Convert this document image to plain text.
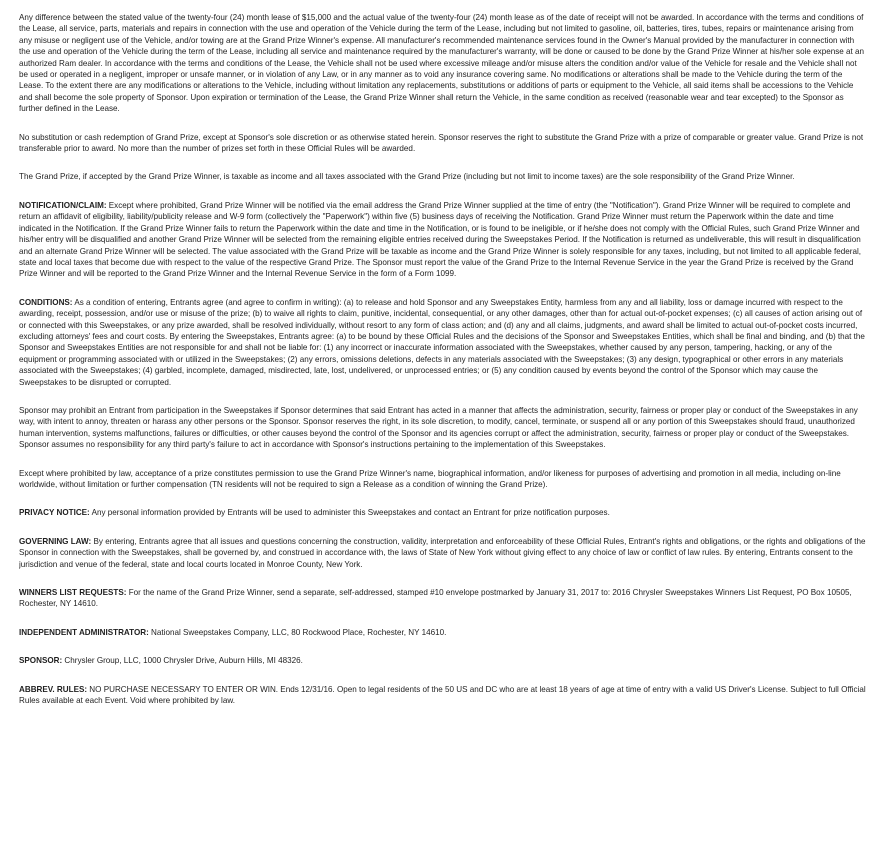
Any difference between the stated value of the twenty-four (24) month lease of $15,000 and the actual value of the twenty-four (24) month lease as of the date of receipt will not be awarded. In accordance with the terms and conditions of the Lease, all service, parts, materials and repairs in connection with the use and operation of the Vehicle during the term of the Lease, including but not limited to gasoline, oil, batteries, tires, tubes, repairs or maintenance arising from any misuse or negligent use of the Vehicle, and/or towing are at the Grand Prize Winner's expense. All manufacturer's recommended maintenance services found in the Owner's Manual provided by the manufacturer in connection with the use and operation of the Vehicle during the term of the Lease, including all service and maintenance required by the manufacturer's warranty, will be done or caused to be done by the Grand Prize Winner at his/her sole expense at an authorized Ram dealer. In accordance with the terms and conditions of the Lease, the Vehicle shall not be used where excessive mileage and/or misuse alters the condition and/or value of the Vehicle for resale and the Vehicle shall not be used or operated in a negligent, improper or unsafe manner, or in violation of any Law, or in any manner as to void any insurance covering same. No modifications or alterations shall be made to the Vehicle during the term of the Lease. To the extent there are any modifications or alterations to the Vehicle, including without limitation any replacements, substitutions or additions of parts or equipment to the Vehicle, all said items shall be accessions to the Vehicle and shall become the sole property of Sponsor. Upon expiration or termination of the Lease, the Grand Prize Winner shall return the Vehicle, in the same condition as received (reasonable wear and tear excepted) to the Sponsor as further defined in the Lease.

No substitution or cash redemption of Grand Prize, except at Sponsor's sole discretion or as otherwise stated herein. Sponsor reserves the right to substitute the Grand Prize with a prize of comparable or greater value. Grand Prize is not transferable prior to award. No more than the number of prizes set forth in these Official Rules will be awarded.

The Grand Prize, if accepted by the Grand Prize Winner, is taxable as income and all taxes associated with the Grand Prize (including but not limit to income taxes) are the sole responsibility of the Grand Prize Winner.

NOTIFICATION/CLAIM: Except where prohibited, Grand Prize Winner will be notified via the email address the Grand Prize Winner supplied at the time of entry (the "Notification"). Grand Prize Winner will be required to complete and return an affidavit of eligibility, liability/publicity release and W-9 form (collectively the "Paperwork") within five (5) business days of receiving the Notification. Grand Prize Winner must return the Paperwork within the date and time indicated in the Notification. If the Grand Prize Winner fails to return the Paperwork within the date and time in the Notification, or is found to be ineligible, or if he/she does not comply with the Official Rules, such Grand Prize Winner and his/her entry will be disqualified and another Grand Prize Winner will be selected from the remaining eligible entries received during the Sweepstakes Period. If the Notification is returned as undeliverable, this will result in disqualification and an alternate Grand Prize Winner will be selected. The value associated with the Grand Prize will be taxable as income and the Grand Prize Winner is solely responsible for any taxes, including, but not limited to all applicable federal, state and local taxes that become due with respect to the value of the respective Grand Prize. The Sponsor must report the value of the Grand Prize to the Internal Revenue Service in the year the Grand Prize is received by the Grand Prize Winner and will be reported to the Grand Prize Winner and the Internal Revenue Service in the form of a Form 1099.

CONDITIONS: As a condition of entering, Entrants agree (and agree to confirm in writing): (a) to release and hold Sponsor and any Sweepstakes Entity, harmless from any and all liability, loss or damage incurred with respect to the awarding, receipt, possession, and/or use or misuse of the prize; (b) to waive all rights to claim, punitive, incidental, consequential, or any other damages, other than for actual out-of-pocket expenses; (c) all causes of action arising out of or connected with this Sweepstakes, or any prize awarded, shall be resolved individually, without resort to any form of class action; and (d) any and all claims, judgments, and award shall be limited to actual out-of-pocket costs incurred, excluding attorneys' fees and court costs. By entering the Sweepstakes, Entrants agree: (a) to be bound by these Official Rules and the decisions of the Sponsor and Sweepstakes Entities, which shall be final and binding, and (b) that the Sponsor and Sweepstakes Entities are not responsible for and shall not be liable for: (1) any incorrect or inaccurate information associated with the Sweepstakes, whether caused by any person, tampering, hacking, or any of the equipment or programming associated with or utilized in the Sweepstakes; (2) any errors, omissions deletions, defects in any materials associated with the Sweepstakes; (3) any design, typographical or other errors in any materials associated with the Sweepstakes; (4) garbled, incomplete, damaged, misdirected, late, lost, undelivered, or unprocessed entries; or (5) any condition caused by events beyond the control of the Sponsor which may cause the Sweepstakes to be disrupted or corrupted.

Sponsor may prohibit an Entrant from participation in the Sweepstakes if Sponsor determines that said Entrant has acted in a manner that affects the administration, security, fairness or proper play or conduct of the Sweepstakes in any way, with intent to annoy, threaten or harass any other persons or the Sponsor. Sponsor reserves the right, in its sole discretion, to modify, cancel, terminate, or suspend all or any portion of this Sweepstakes should fraud, unauthorized human intervention, systems malfunctions, failures or difficulties, or other causes beyond the control of the Sponsor and its agencies corrupt or affect the administration, security, fairness or proper play or conduct of the Sweepstakes. Sponsor assumes no responsibility for any third party's failure to act in accordance with Sponsor's instructions pertaining to the implementation of this Sweepstakes.

Except where prohibited by law, acceptance of a prize constitutes permission to use the Grand Prize Winner's name, biographical information, and/or likeness for purposes of advertising and promotion in all media, including on-line worldwide, without limitation or further compensation (TN residents will not be required to sign a Release as a condition of winning the Grand Prize).

PRIVACY NOTICE: Any personal information provided by Entrants will be used to administer this Sweepstakes and contact an Entrant for prize notification purposes.

GOVERNING LAW: By entering, Entrants agree that all issues and questions concerning the construction, validity, interpretation and enforceability of these Official Rules, Entrant's rights and obligations, or the rights and obligations of the Sponsor in connection with the Sweepstakes, shall be governed by, and construed in accordance with, the laws of State of New York without giving effect to any choice of law or conflict of law rules. By entering, Entrants consent to the jurisdiction and venue of the federal, state and local courts located in Monroe County, New York.

WINNERS LIST REQUESTS: For the name of the Grand Prize Winner, send a separate, self-addressed, stamped #10 envelope postmarked by January 31, 2017 to: 2016 Chrysler Sweepstakes Winners List Request, PO Box 10505, Rochester, NY 14610.

INDEPENDENT ADMINISTRATOR: National Sweepstakes Company, LLC, 80 Rockwood Place, Rochester, NY 14610.

SPONSOR: Chrysler Group, LLC, 1000 Chrysler Drive, Auburn Hills, MI 48326.

ABBREV. RULES: NO PURCHASE NECESSARY TO ENTER OR WIN. Ends 12/31/16. Open to legal residents of the 50 US and DC who are at least 18 years of age at time of entry with a valid US Driver's License. Subject to full Official Rules available at each Event. Void where prohibited by law.
